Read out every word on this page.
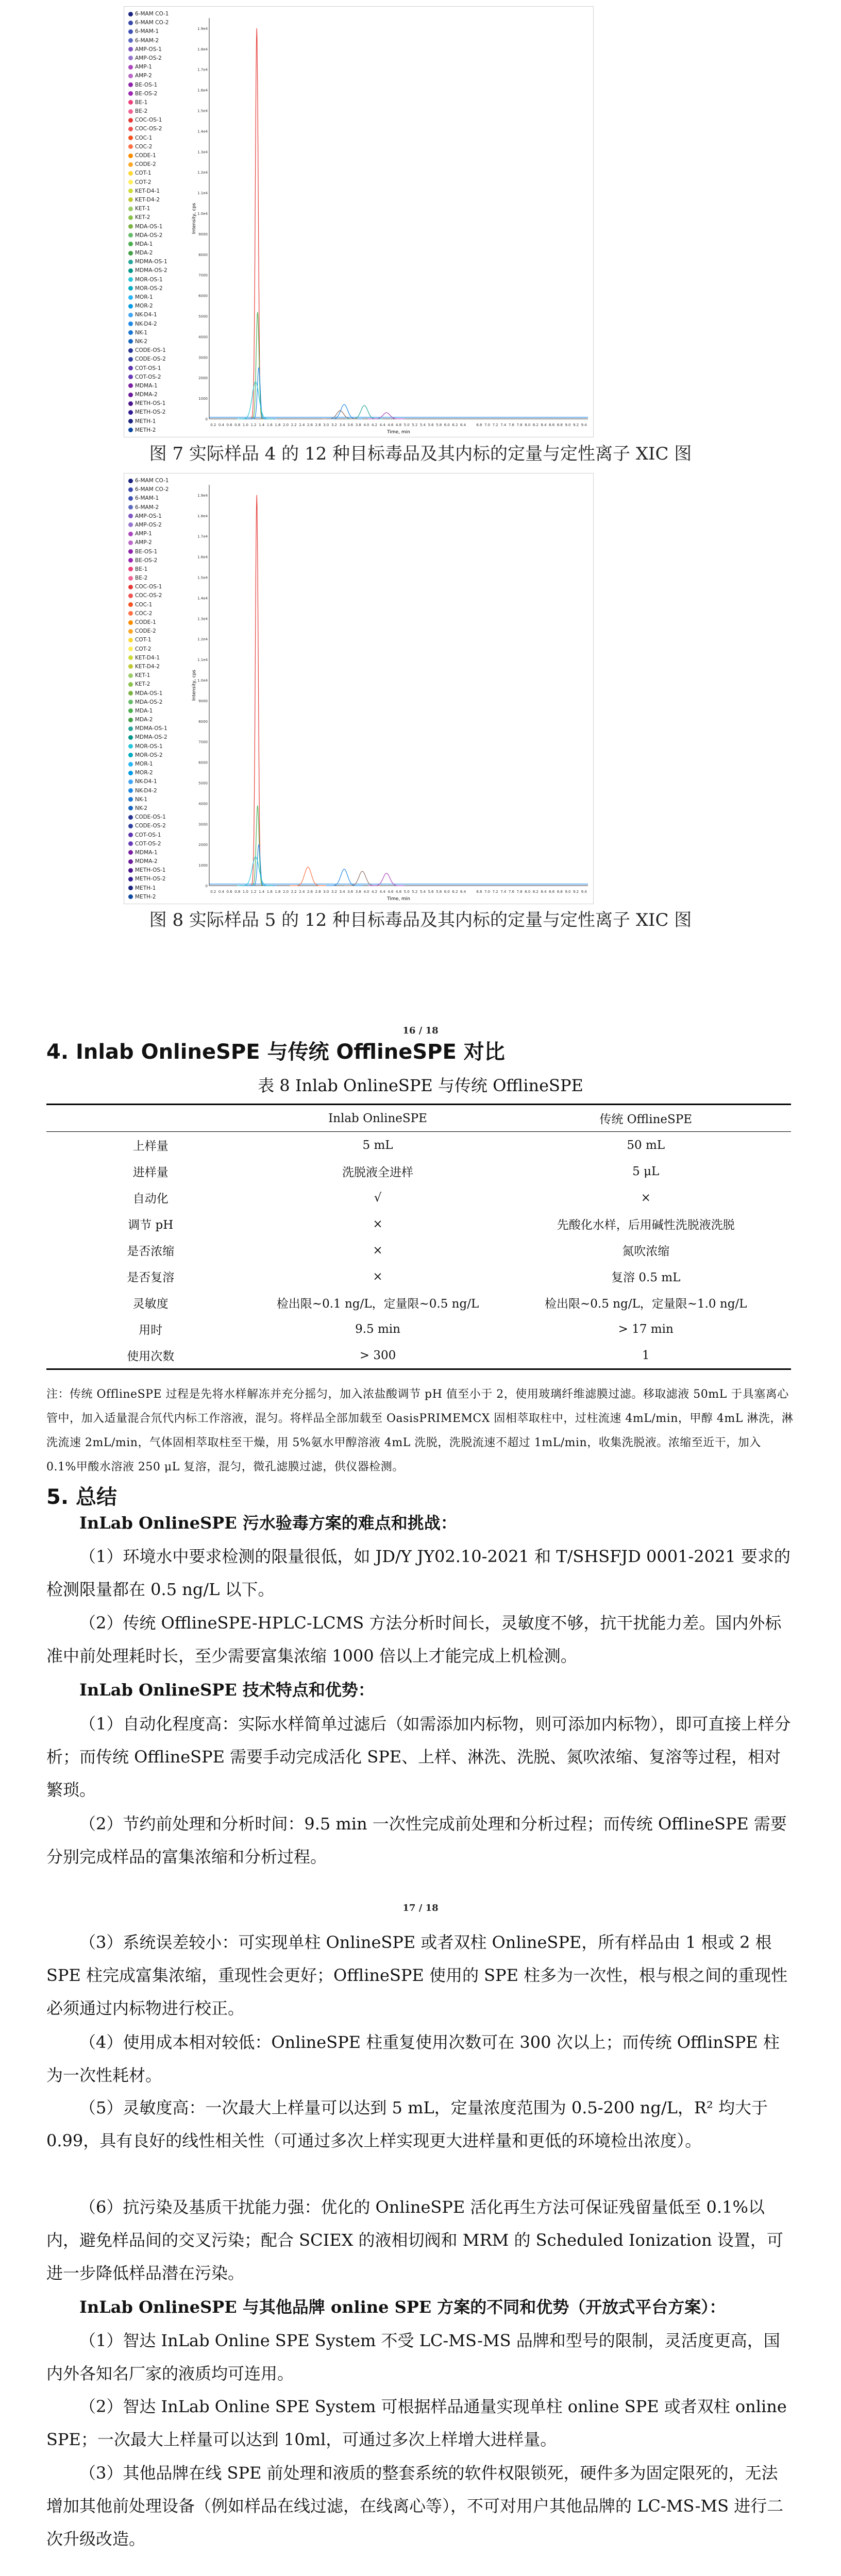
Intensity, cps
Time, min
1.9e4
1.8e4
1.7e4
1.6e4
1.5e4
1.4e4
1.3e4
1.2e4
1.1e4
1.0e4
9000
8000
7000
6000
5000
4000
3000
2000
1000
0
0.2 0.4 0.6 0.8 1.0 1.2 1.4 1.6 1.8 2.0 2.2 2.4 2.6 2.8 3.0 3.2 3.4 3.6 3.8 4.0 4.2 4.4 4.6 4.8 5.0 5.2 5.4 5.6 5.8 6.0 6.2 6.4	6.8 7.0 7.2 7.4 7.6 7.8 8.0 8.2 8.4 8.6 8.8 9.0 9.2 9.4
6-MAM CO-1
6-MAM CO-2
6-MAM-1
6-MAM-2
AMP-OS-1
AMP-OS-2
AMP-1
AMP-2
BE-OS-1
BE-OS-2
BE-1
BE-2
COC-OS-1
COC-OS-2
COC-1
COC-2
CODE-1
CODE-2
COT-1
COT-2
KET-D4-1
KET-D4-2
KET-1
KET-2
MDA-OS-1
MDA-OS-2
MDA-1
MDA-2
MDMA-OS-1
MDMA-OS-2
MOR-OS-1
MOR-OS-2
MOR-1
MOR-2
NK-D4-1
NK-D4-2
NK-1
NK-2
CODE-OS-1
CODE-OS-2
COT-OS-1
COT-OS-2
MDMA-1
MDMA-2
METH-OS-1
METH-OS-2
METH-1
METH-2
图 7 实际样品 4 的 12 种目标毒品及其内标的定量与定性离子 XIC 图
Intensity, cps
Time, min
1.9e4
1.8e4
1.7e4
1.6e4
1.5e4
1.4e4
1.3e4
1.2e4
1.1e4
1.0e4
9000
8000
7000
6000
5000
4000
3000
2000
1000
0
0.2 0.4 0.6 0.8 1.0 1.2 1.4 1.6 1.8 2.0 2.2 2.4 2.6 2.8 3.0 3.2 3.4 3.6 3.8 4.0 4.2 4.4 4.6 4.8 5.0 5.2 5.4 5.6 5.8 6.0 6.2 6.4	6.8 7.0 7.2 7.4 7.6 7.8 8.0 8.2 8.4 8.6 8.8 9.0 9.2 9.4
6-MAM CO-1
6-MAM CO-2
6-MAM-1
6-MAM-2
AMP-OS-1
AMP-OS-2
AMP-1
AMP-2
BE-OS-1
BE-OS-2
BE-1
BE-2
COC-OS-1
COC-OS-2
COC-1
COC-2
CODE-1
CODE-2
COT-1
COT-2
KET-D4-1
KET-D4-2
KET-1
KET-2
MDA-OS-1
MDA-OS-2
MDA-1
MDA-2
MDMA-OS-1
MDMA-OS-2
MOR-OS-1
MOR-OS-2
MOR-1
MOR-2
NK-D4-1
NK-D4-2
NK-1
NK-2
CODE-OS-1
CODE-OS-2
COT-OS-1
COT-OS-2
MDMA-1
MDMA-2
METH-OS-1
METH-OS-2
METH-1
METH-2
图 8 实际样品 5 的 12 种目标毒品及其内标的定量与定性离子 XIC 图
16 / 18
4. Inlab OnlineSPE 与传统 OfflineSPE 对比
表 8 Inlab OnlineSPE 与传统 OfflineSPE
	Inlab OnlineSPE	传统 OfflineSPE
上样量	5 mL	50 mL
进样量	洗脱液全进样	5 μL
自动化	√	×
调节 pH	×	先酸化水样，后用碱性洗脱液洗脱
是否浓缩	×	氮吹浓缩
是否复溶	×	复溶 0.5 mL
灵敏度	检出限~0.1 ng/L，定量限~0.5 ng/L	检出限~0.5 ng/L，定量限~1.0 ng/L
用时	9.5 min	> 17 min
使用次数	> 300	1
注：传统 OfflineSPE 过程是先将水样解冻并充分摇匀，加入浓盐酸调节 pH 值至小于 2，使用玻璃纤维滤膜过滤。移取滤液 50mL 于具塞离心管中，加入适量混合氘代内标工作溶液，混匀。将样品全部加载至 OasisPRIMEMCX 固相萃取柱中，过柱流速 4mL/min，甲醇 4mL 淋洗，淋洗流速 2mL/min，气体固相萃取柱至干燥，用 5%氨水甲醇溶液 4mL 洗脱，洗脱流速不超过 1mL/min，收集洗脱液。浓缩至近干，加入 0.1%甲酸水溶液 250 μL 复溶，混匀，微孔滤膜过滤，供仪器检测。
5. 总结
InLab OnlineSPE 污水验毒方案的难点和挑战：
（1）环境水中要求检测的限量很低，如 JD/Y JY02.10-2021 和 T/SHSFJD 0001-2021 要求的检测限量都在 0.5 ng/L 以下。
（2）传统 OfflineSPE-HPLC-LCMS 方法分析时间长，灵敏度不够，抗干扰能力差。国内外标准中前处理耗时长，至少需要富集浓缩 1000 倍以上才能完成上机检测。
InLab OnlineSPE 技术特点和优势：
（1）自动化程度高：实际水样简单过滤后（如需添加内标物，则可添加内标物），即可直接上样分析；而传统 OfflineSPE 需要手动完成活化 SPE、上样、淋洗、洗脱、氮吹浓缩、复溶等过程，相对繁琐。
（2）节约前处理和分析时间：9.5 min 一次性完成前处理和分析过程；而传统 OfflineSPE 需要分别完成样品的富集浓缩和分析过程。
17 / 18
（3）系统误差较小：可实现单柱 OnlineSPE 或者双柱 OnlineSPE，所有样品由 1 根或 2 根 SPE 柱完成富集浓缩，重现性会更好；OfflineSPE 使用的 SPE 柱多为一次性，根与根之间的重现性必须通过内标物进行校正。
（4）使用成本相对较低：OnlineSPE 柱重复使用次数可在 300 次以上；而传统 OfflinSPE 柱为一次性耗材。
（5）灵敏度高：一次最大上样量可以达到 5 mL，定量浓度范围为 0.5-200 ng/L，R² 均大于 0.99，具有良好的线性相关性（可通过多次上样实现更大进样量和更低的环境检出浓度）。
（6）抗污染及基质干扰能力强：优化的 OnlineSPE 活化再生方法可保证残留量低至 0.1%以内，避免样品间的交叉污染；配合 SCIEX 的液相切阀和 MRM 的 Scheduled Ionization 设置，可进一步降低样品潜在污染。
InLab OnlineSPE 与其他品牌 online SPE 方案的不同和优势（开放式平台方案）：
（1）智达 InLab Online SPE System 不受 LC-MS-MS 品牌和型号的限制，灵活度更高，国内外各知名厂家的液质均可连用。
（2）智达 InLab Online SPE System 可根据样品通量实现单柱 online SPE 或者双柱 online SPE；一次最大上样量可以达到 10ml，可通过多次上样增大进样量。
（3）其他品牌在线 SPE 前处理和液质的整套系统的软件权限锁死，硬件多为固定限死的，无法增加其他前处理设备（例如样品在线过滤，在线离心等），不可对用户其他品牌的 LC-MS-MS 进行二次升级改造。
